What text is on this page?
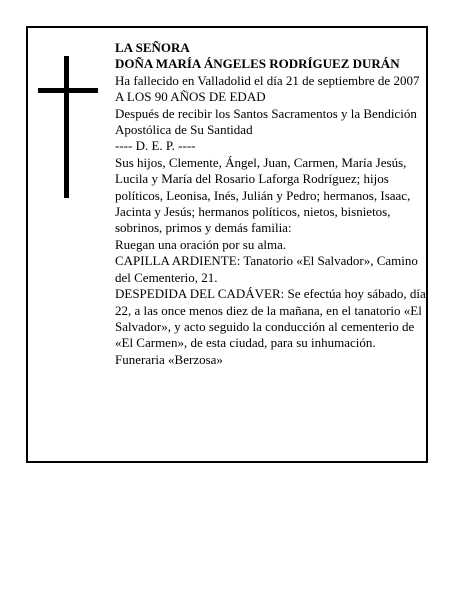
LA SEÑORA

DOÑA MARÍA ÁNGELES RODRÍGUEZ DURÁN

Ha fallecido en Valladolid el día 21 de septiembre de 2007

A LOS 90 AÑOS DE EDAD

Después de recibir los Santos Sacramentos y la Bendición Apostólica de Su Santidad

---- D. E. P. ----

Sus hijos, Clemente, Ángel, Juan, Carmen, María Jesús, Lucila y María del Rosario Laforga Rodríguez; hijos políticos, Leonisa, Inés, Julián y Pedro; hermanos, Isaac, Jacinta y Jesús; hermanos políticos, nietos, bisnietos, sobrinos, primos y demás familia:

Ruegan una oración por su alma.

CAPILLA ARDIENTE: Tanatorio «El Salvador», Camino del Cementerio, 21.

DESPEDIDA DEL CADÁVER: Se efectúa hoy sábado, día 22, a las once menos diez de la mañana, en el tanatorio «El Salvador», y acto seguido la conducción al cementerio de «El Carmen», de esta ciudad, para su inhumación.

Funeraria «Berzosa»
